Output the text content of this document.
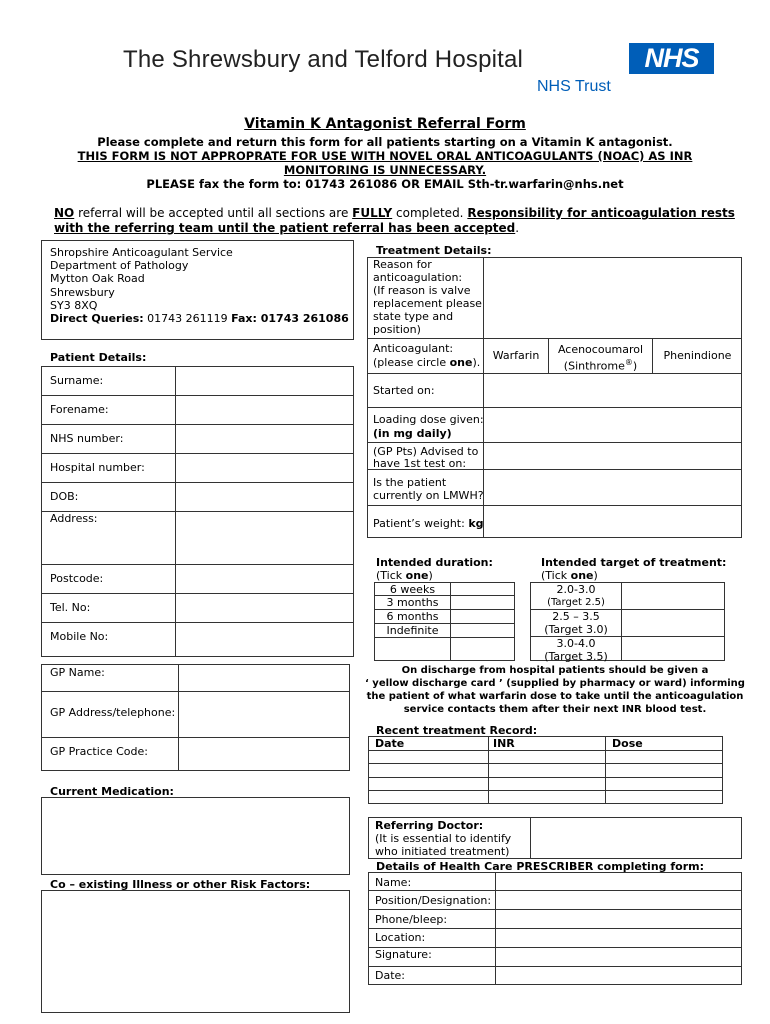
The Shrewsbury and Telford Hospital	NHS
NHS Trust
Vitamin K Antagonist Referral Form
Please complete and return this form for all patients starting on a Vitamin K antagonist.
THIS FORM IS NOT APPROPRATE FOR USE WITH NOVEL ORAL ANTICOAGULANTS (NOAC) AS INR
MONITORING IS UNNECESSARY.
PLEASE fax the form to: 01743 261086 OR EMAIL Sth-tr.warfarin@nhs.net
NO referral will be accepted until all sections are FULLY completed. Responsibility for anticoagulation rests
with the referring team until the patient referral has been accepted.
Shropshire Anticoagulant Service
Department of Pathology
Mytton Oak Road
Shrewsbury
SY3 8XQ
Direct Queries: 01743 261119 Fax: 01743 261086
Patient Details:
Surname:
Forename:
NHS number:
Hospital number:
DOB:
Address:
Postcode:
Tel. No:
Mobile No:
GP Name:
GP Address/telephone:
GP Practice Code:
Current Medication:
Co – existing Illness or other Risk Factors:
Treatment Details:
Reason for
anticoagulation:
(If reason is valve
replacement please
state type and
position)
Anticoagulant:
(please circle one).
Warfarin	Acenocoumarol
(Sinthrome®)
Phenindione
Started on:
Loading dose given:
(in mg daily)
(GP Pts) Advised to
have 1st test on:
Is the patient
currently on LMWH?
Patient’s weight: kg
Intended duration:
(Tick one)
6 weeks
3 months
6 months
Indefinite
Intended target of treatment:
(Tick one)
2.0-3.0
(Target 2.5)
2.5 – 3.5
(Target 3.0)
3.0-4.0
(Target 3.5)
On discharge from hospital patients should be given a
‘ yellow discharge card ’ (supplied by pharmacy or ward) informing
the patient of what warfarin dose to take until the anticoagulation
service contacts them after their next INR blood test.
Recent treatment Record:
Date	INR	Dose
Referring Doctor:
(It is essential to identify
who initiated treatment)
Details of Health Care PRESCRIBER completing form:
Name:
Position/Designation:
Phone/bleep:
Location:
Signature:
Date:
